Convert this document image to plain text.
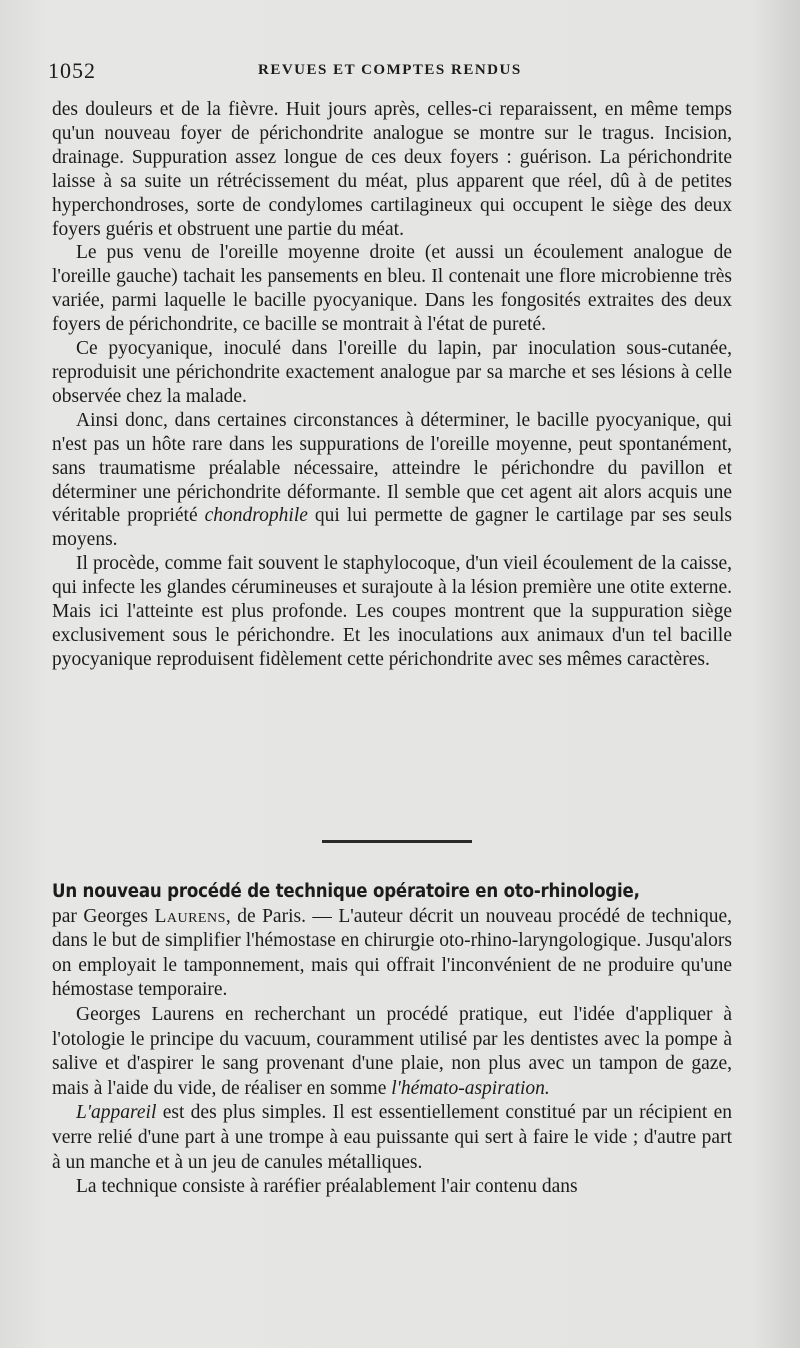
1052	REVUES ET COMPTES RENDUS

des douleurs et de la fièvre. Huit jours après, celles-ci reparaissent, en même temps qu'un nouveau foyer de périchondrite analogue se montre sur le tragus. Incision, drainage. Suppuration assez longue de ces deux foyers : guérison. La périchondrite laisse à sa suite un rétrécissement du méat, plus apparent que réel, dû à de petites hyperchondroses, sorte de condylomes cartilagineux qui occupent le siège des deux foyers guéris et obstruent une partie du méat.

Le pus venu de l'oreille moyenne droite (et aussi un écoulement analogue de l'oreille gauche) tachait les pansements en bleu. Il contenait une flore microbienne très variée, parmi laquelle le bacille pyocyanique. Dans les fongosités extraites des deux foyers de périchondrite, ce bacille se montrait à l'état de pureté.

Ce pyocyanique, inoculé dans l'oreille du lapin, par inoculation sous-cutanée, reproduisit une périchondrite exactement analogue par sa marche et ses lésions à celle observée chez la malade.

Ainsi donc, dans certaines circonstances à déterminer, le bacille pyocyanique, qui n'est pas un hôte rare dans les suppurations de l'oreille moyenne, peut spontanément, sans traumatisme préalable nécessaire, atteindre le périchondre du pavillon et déterminer une périchondrite déformante. Il semble que cet agent ait alors acquis une véritable propriété chondrophile qui lui permette de gagner le cartilage par ses seuls moyens.

Il procède, comme fait souvent le staphylocoque, d'un vieil écoulement de la caisse, qui infecte les glandes cérumineuses et surajoute à la lésion première une otite externe. Mais ici l'atteinte est plus profonde. Les coupes montrent que la suppuration siège exclusivement sous le périchondre. Et les inoculations aux animaux d'un tel bacille pyocyanique reproduisent fidèlement cette périchondrite avec ses mêmes caractères.

Un nouveau procédé de technique opératoire en oto-rhinologie,
par Georges Laurens, de Paris. — L'auteur décrit un nouveau procédé de technique, dans le but de simplifier l'hémostase en chirurgie oto-rhino-laryngologique. Jusqu'alors on employait le tamponnement, mais qui offrait l'inconvénient de ne produire qu'une hémostase temporaire.

Georges Laurens en recherchant un procédé pratique, eut l'idée d'appliquer à l'otologie le principe du vacuum, couramment utilisé par les dentistes avec la pompe à salive et d'aspirer le sang provenant d'une plaie, non plus avec un tampon de gaze, mais à l'aide du vide, de réaliser en somme l'hémato-aspiration.

L'appareil est des plus simples. Il est essentiellement constitué par un récipient en verre relié d'une part à une trompe à eau puissante qui sert à faire le vide ; d'autre part à un manche et à un jeu de canules métalliques.

La technique consiste à raréfier préalablement l'air contenu dans
